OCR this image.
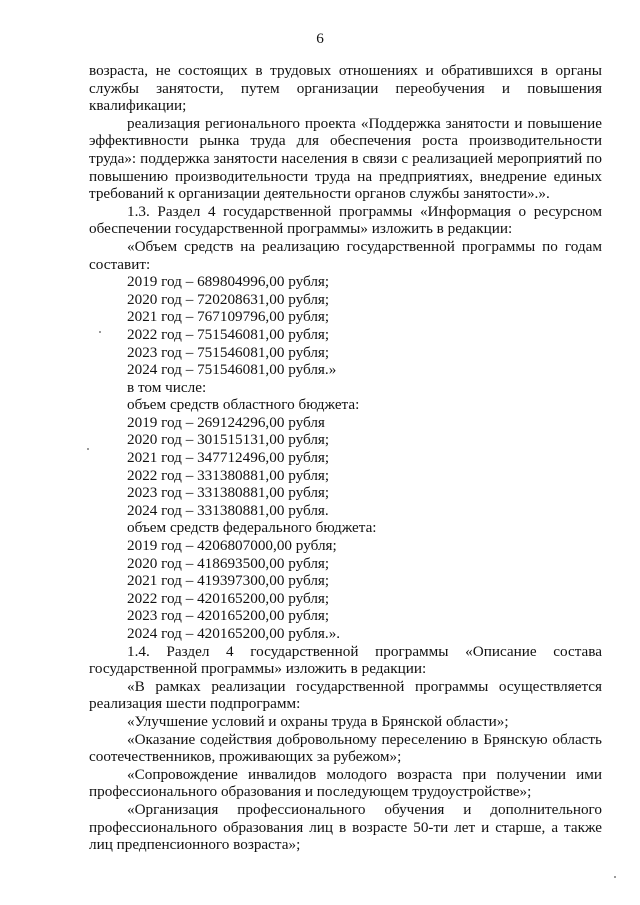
6

возраста, не состоящих в трудовых отношениях и обратившихся в органы службы занятости, путем организации переобучения и повышения квалификации;

реализация регионального проекта «Поддержка занятости и повышение эффективности рынка труда для обеспечения роста производительности труда»: поддержка занятости населения в связи с реализацией мероприятий по повышению производительности труда на предприятиях, внедрение единых требований к организации деятельности органов службы занятости».».

1.3. Раздел 4 государственной программы «Информация о ресурсном обеспечении государственной программы» изложить в редакции:

«Объем средств на реализацию государственной программы по годам составит:

2019 год – 689804996,00 рубля;

2020 год – 720208631,00 рубля;

2021 год – 767109796,00 рубля;

2022 год – 751546081,00 рубля;

2023 год – 751546081,00 рубля;

2024 год – 751546081,00 рубля.»

в том числе:

объем средств областного бюджета:

2019 год – 269124296,00 рубля

2020 год – 301515131,00 рубля;

2021 год – 347712496,00 рубля;

2022 год – 331380881,00 рубля;

2023 год – 331380881,00 рубля;

2024 год – 331380881,00 рубля.

объем средств федерального бюджета:

2019 год – 4206807000,00 рубля;

2020 год – 418693500,00 рубля;

2021 год – 419397300,00 рубля;

2022 год – 420165200,00 рубля;

2023 год – 420165200,00 рубля;

2024 год – 420165200,00 рубля.».

1.4. Раздел 4 государственной программы «Описание состава государственной программы» изложить в редакции:

«В рамках реализации государственной программы осуществляется реализация шести подпрограмм:

«Улучшение условий и охраны труда в Брянской области»;

«Оказание содействия добровольному переселению в Брянскую область соотечественников, проживающих за рубежом»;

«Сопровождение инвалидов молодого возраста при получении ими профессионального образования и последующем трудоустройстве»;

«Организация профессионального обучения и дополнительного профессионального образования лиц в возрасте 50-ти лет и старше, а также лиц предпенсионного возраста»;
